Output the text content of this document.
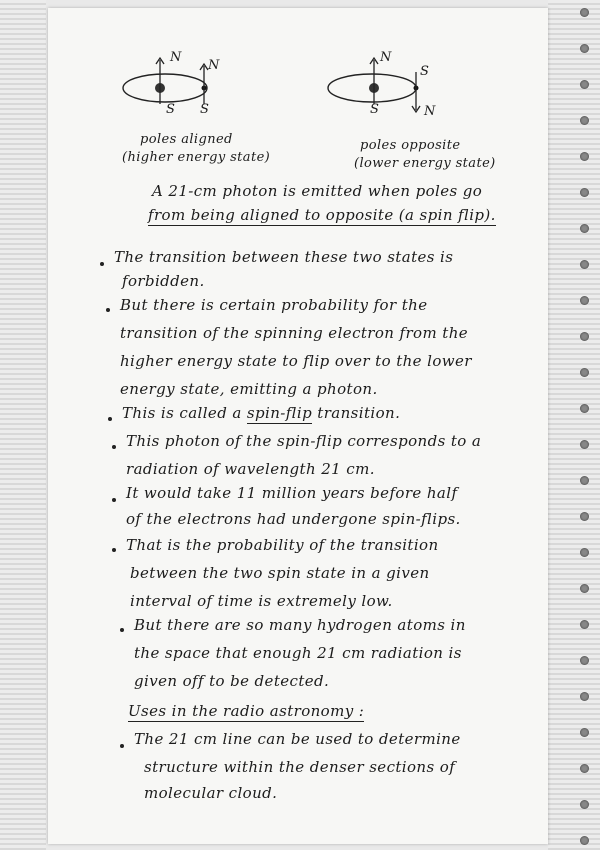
N
N
S S
poles aligned
(higher energy state)
N
S
S
N
poles opposite
(lower energy state)
A 21-cm photon is emitted when poles go
from being aligned to opposite (a spin flip).
The transition between these two states is
forbidden.
But there is certain probability for the
transition of the spinning electron from the
higher energy state to flip over to the lower
energy state, emitting a photon.
This is called a spin-flip transition.
This photon of the spin-flip corresponds to a
radiation of wavelength 21 cm.
It would take 11 million years before half
of the electrons had undergone spin-flips.
That is the probability of the transition
between the two spin state in a given
interval of time is extremely low.
But there are so many hydrogen atoms in
the space that enough 21 cm radiation is
given off to be detected.
Uses in the radio astronomy :
The 21 cm line can be used to determine
structure within the denser sections of
molecular cloud.
